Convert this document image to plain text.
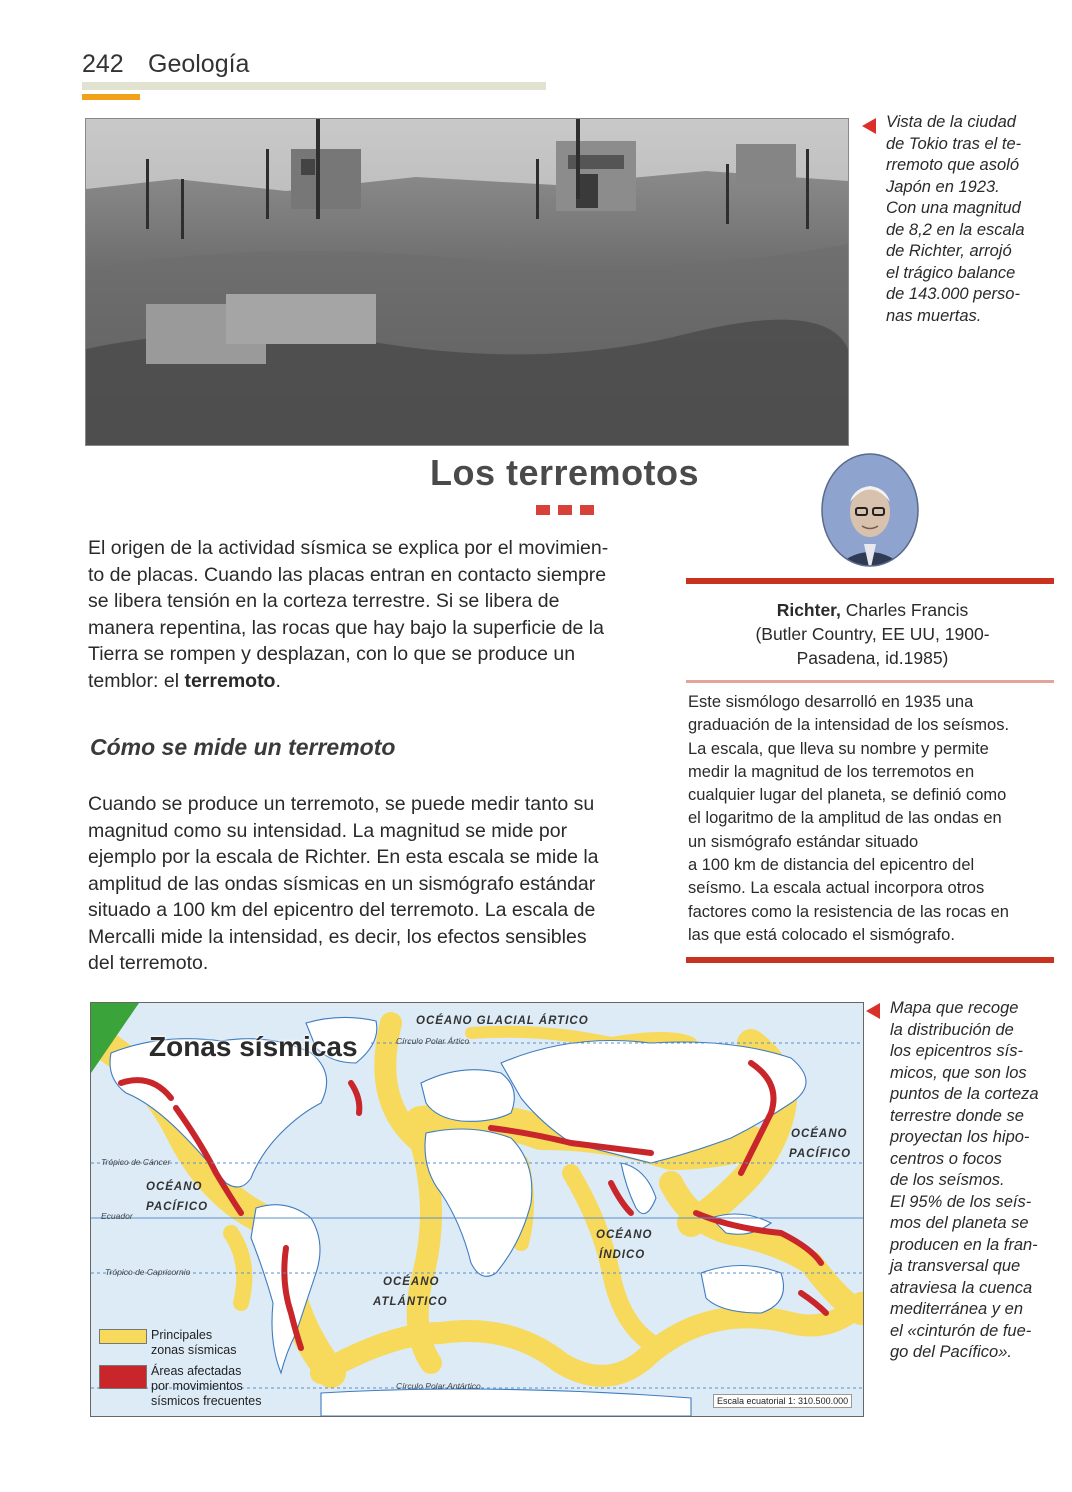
242 Geología
Vista de la ciudad
de Tokio tras el te-
rremoto que asoló
Japón en 1923.
Con una magnitud
de 8,2 en la escala
de Richter, arrojó
el trágico balance
de 143.000 perso-
nas muertas.
Los terremotos
El origen de la actividad sísmica se explica por el movimien-
to de placas. Cuando las placas entran en contacto siempre
se libera tensión en la corteza terrestre. Si se libera de
manera repentina, las rocas que hay bajo la superficie de la
Tierra se rompen y desplazan, con lo que se produce un
temblor: el terremoto.
Cómo se mide un terremoto
Cuando se produce un terremoto, se puede medir tanto su
magnitud como su intensidad. La magnitud se mide por
ejemplo por la escala de Richter. En esta escala se mide la
amplitud de las ondas sísmicas en un sismógrafo estándar
situado a 100 km del epicentro del terremoto. La escala de
Mercalli mide la intensidad, es decir, los efectos sensibles
del terremoto.
Richter, Charles Francis
(Butler Country, EE UU, 1900-
Pasadena, id.1985)
Este sismólogo desarrolló en 1935 una
graduación de la intensidad de los seísmos.
La escala, que lleva su nombre y permite
medir la magnitud de los terremotos en
cualquier lugar del planeta, se definió como
el logaritmo de la amplitud de las ondas en
un sismógrafo estándar situado
a 100 km de distancia del epicentro del
seísmo. La escala actual incorpora otros
factores como la resistencia de las rocas en
las que está colocado el sismógrafo.
Zonas sísmicas
OCÉANO GLACIAL ÁRTICO
Círculo Polar Ártico
Trópico de Cáncer
Ecuador
Trópico de Capricornio
Círculo Polar Antártico
OCÉANO
PACÍFICO
OCÉANO
PACÍFICO
OCÉANO
ATLÁNTICO
OCÉANO
ÍNDICO
Principales
zonas sísmicas
Áreas afectadas
por movimientos
sísmicos frecuentes	Escala ecuatorial 1: 310.500.000
Mapa que recoge
la distribución de
los epicentros sís-
micos, que son los
puntos de la corteza
terrestre donde se
proyectan los hipo-
centros o focos
de los seísmos.
El 95% de los seís-
mos del planeta se
producen en la fran-
ja transversal que
atraviesa la cuenca
mediterránea y en
el «cinturón de fue-
go del Pacífico».
